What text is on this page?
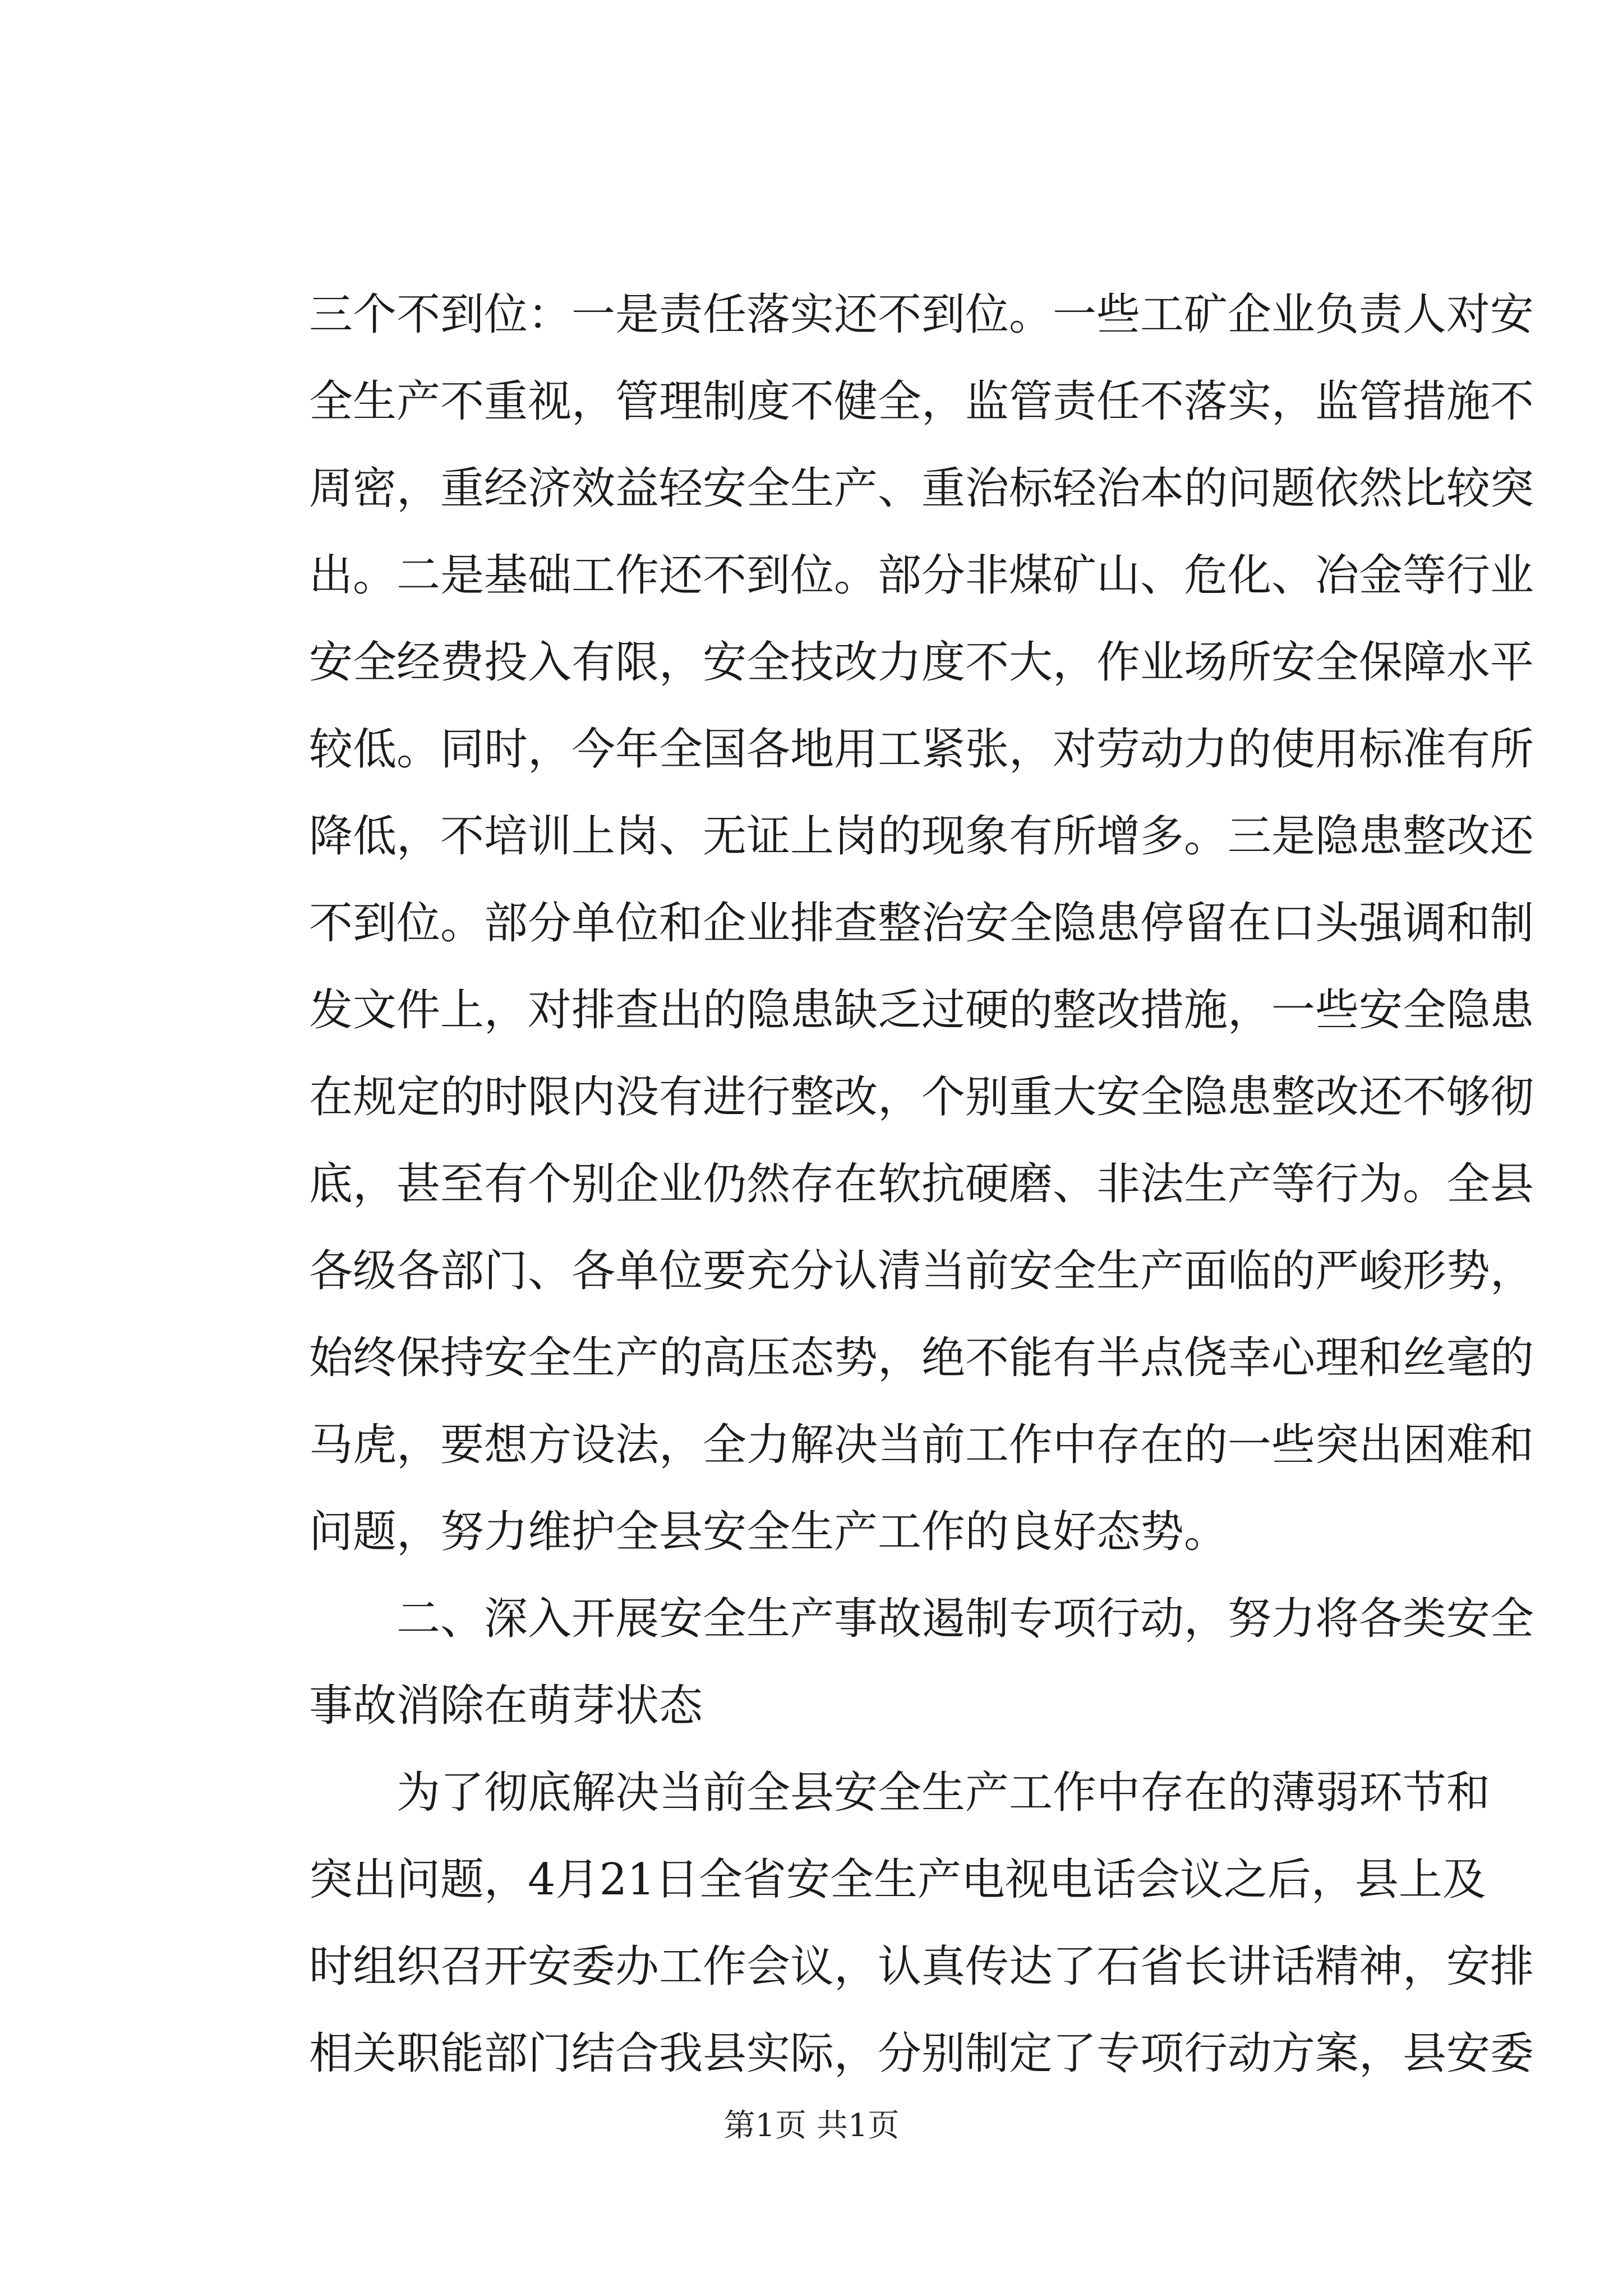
三个不到位：一是责任落实还不到位。一些工矿企业负责人对安
全生产不重视，管理制度不健全，监管责任不落实，监管措施不
周密，重经济效益轻安全生产、重治标轻治本的问题依然比较突
出。二是基础工作还不到位。部分非煤矿山、危化、冶金等行业
安全经费投入有限，安全技改力度不大，作业场所安全保障水平
较低。同时，今年全国各地用工紧张，对劳动力的使用标准有所
降低，不培训上岗、无证上岗的现象有所增多。三是隐患整改还
不到位。部分单位和企业排查整治安全隐患停留在口头强调和制
发文件上，对排查出的隐患缺乏过硬的整改措施，一些安全隐患
在规定的时限内没有进行整改，个别重大安全隐患整改还不够彻
底，甚至有个别企业仍然存在软抗硬磨、非法生产等行为。全县
各级各部门、各单位要充分认清当前安全生产面临的严峻形势，
始终保持安全生产的高压态势，绝不能有半点侥幸心理和丝毫的
马虎，要想方设法，全力解决当前工作中存在的一些突出困难和
问题，努力维护全县安全生产工作的良好态势。
　　二、深入开展安全生产事故遏制专项行动，努力将各类安全
事故消除在萌芽状态
　　为了彻底解决当前全县安全生产工作中存在的薄弱环节和
突出问题，4月21日全省安全生产电视电话会议之后，县上及
时组织召开安委办工作会议，认真传达了石省长讲话精神，安排
相关职能部门结合我县实际，分别制定了专项行动方案，县安委
第1页 共1页
